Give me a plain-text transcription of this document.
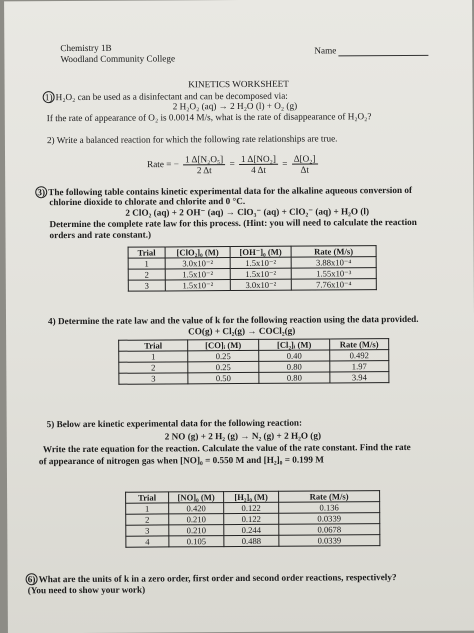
Chemistry 1B
Woodland Community College
Name
KINETICS WORKSHEET
1) H₂O₂ can be used as a disinfectant and can be decomposed via:
2 H₂O₂ (aq) → 2 H₂O (l) + O₂ (g)
If the rate of appearance of O₂ is 0.0014 M/s, what is the rate of disappearance of H₂O₂?
2) Write a balanced reaction for which the following rate relationships are true.
Rate = − $\frac{\text{1 Δ[N₂O₅]}}{2 \Delta t} = \frac{\text{1 Δ[NO₂]}}{4 \Delta t} = \frac{\text{Δ[O₂]}}{\Delta t}$
3) The following table contains kinetic experimental data for the alkaline aqueous conversion of
chlorine dioxide to chlorate and chlorite and 0 °C.
2 ClO₂ (aq) + 2 OH⁻ (aq) → ClO₃⁻ (aq) + ClO₂⁻ (aq) + H₂O (l)
Determine the complete rate law for this process. (Hint: you will need to calculate the reaction
orders and rate constant.)
Trial	[ClO₂]₀ (M)	[OH⁻]₀ (M)	Rate (M/s)
1	3.0x10⁻²	1.5x10⁻²	3.88x10⁻⁴
2	1.5x10⁻²	1.5x10⁻²	1.55x10⁻³
3	1.5x10⁻²	3.0x10⁻²	7.76x10⁻⁴
4) Determine the rate law and the value of k for the following reaction using the data provided.
CO(g) + Cl₂(g) → COCl₂(g)
Trial	[CO]ᵢ (M)	[Cl₂]ᵢ (M)	Rate (M/s)
1	0.25	0.40	0.492
2	0.25	0.80	1.97
3	0.50	0.80	3.94
5) Below are kinetic experimental data for the following reaction:
2 NO (g) + 2 H₂ (g) → N₂ (g) + 2 H₂O (g)
Write the rate equation for the reaction. Calculate the value of the rate constant. Find the rate
of appearance of nitrogen gas when [NO]₀ = 0.550 M and [H₂]₀ = 0.199 M
Trial	[NO]₀ (M)	[H₂]₀ (M)	Rate (M/s)
1	0.420	0.122	0.136
2	0.210	0.122	0.0339
3	0.210	0.244	0.0678
4	0.105	0.488	0.0339
6) What are the units of k in a zero order, first order and second order reactions, respectively?
(You need to show your work)
